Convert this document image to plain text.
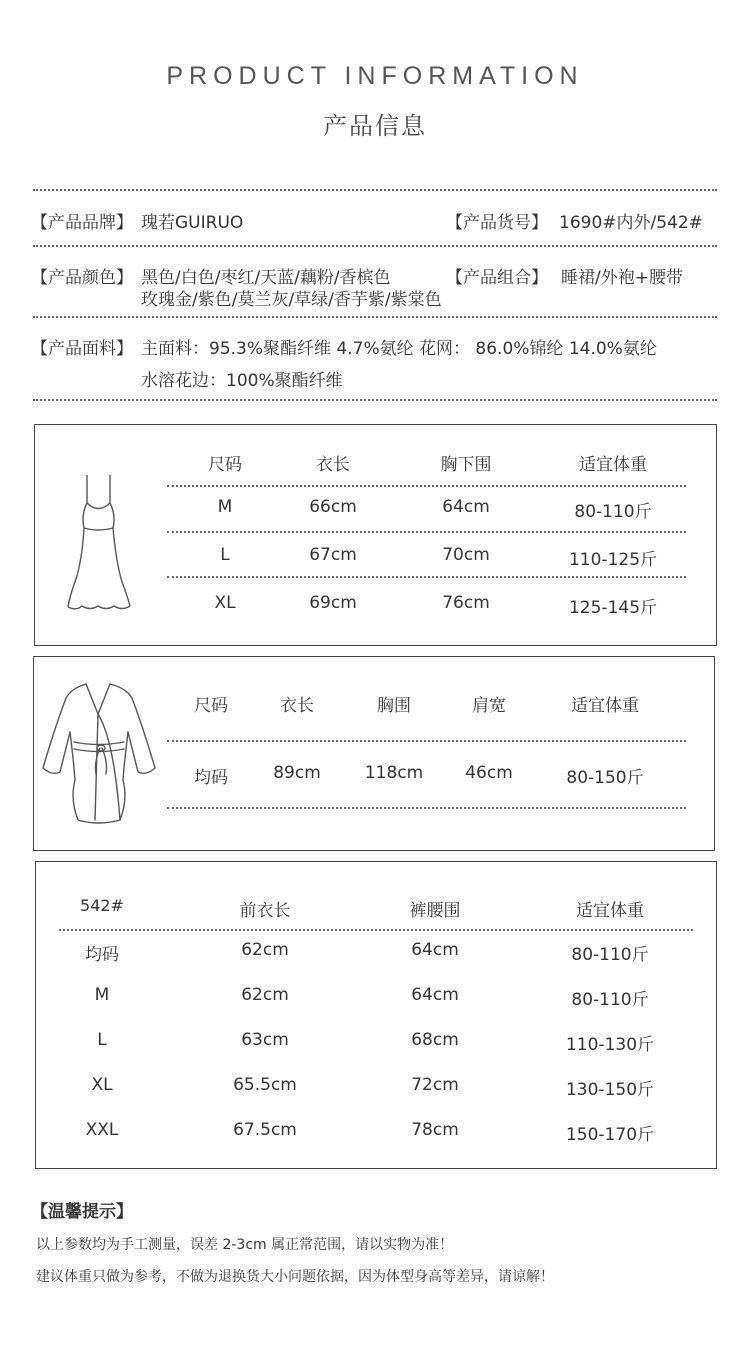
PRODUCT INFORMATION
产品信息
【产品品牌】 瑰若GUIRUO	【产品货号】 1690#内外/542#
【产品颜色】 黑色/白色/枣红/天蓝/藕粉/香槟色	【产品组合】 睡裙/外袍+腰带
玫瑰金/紫色/莫兰灰/草绿/香芋紫/紫棠色
【产品面料】 主面料：95.3%聚酯纤维 4.7%氨纶 花网： 86.0%锦纶 14.0%氨纶
水溶花边：100%聚酯纤维
尺码	衣长	胸下围	适宜体重
M	66cm	64cm	80-110斤
L	67cm	70cm	110-125斤
XL	69cm	76cm	125-145斤
尺码	衣长	胸围	肩宽	适宜体重
均码	89cm	118cm	46cm	80-150斤
542#	前衣长	裤腰围	适宜体重
均码	62cm	64cm	80-110斤
M	62cm	64cm	80-110斤
L	63cm	68cm	110-130斤
XL	65.5cm	72cm	130-150斤
XXL	67.5cm	78cm	150-170斤
【温馨提示】
以上参数均为手工测量，误差 2-3cm 属正常范围，请以实物为准！
建议体重只做为参考，不做为退换货大小问题依据，因为体型身高等差异，请谅解！
